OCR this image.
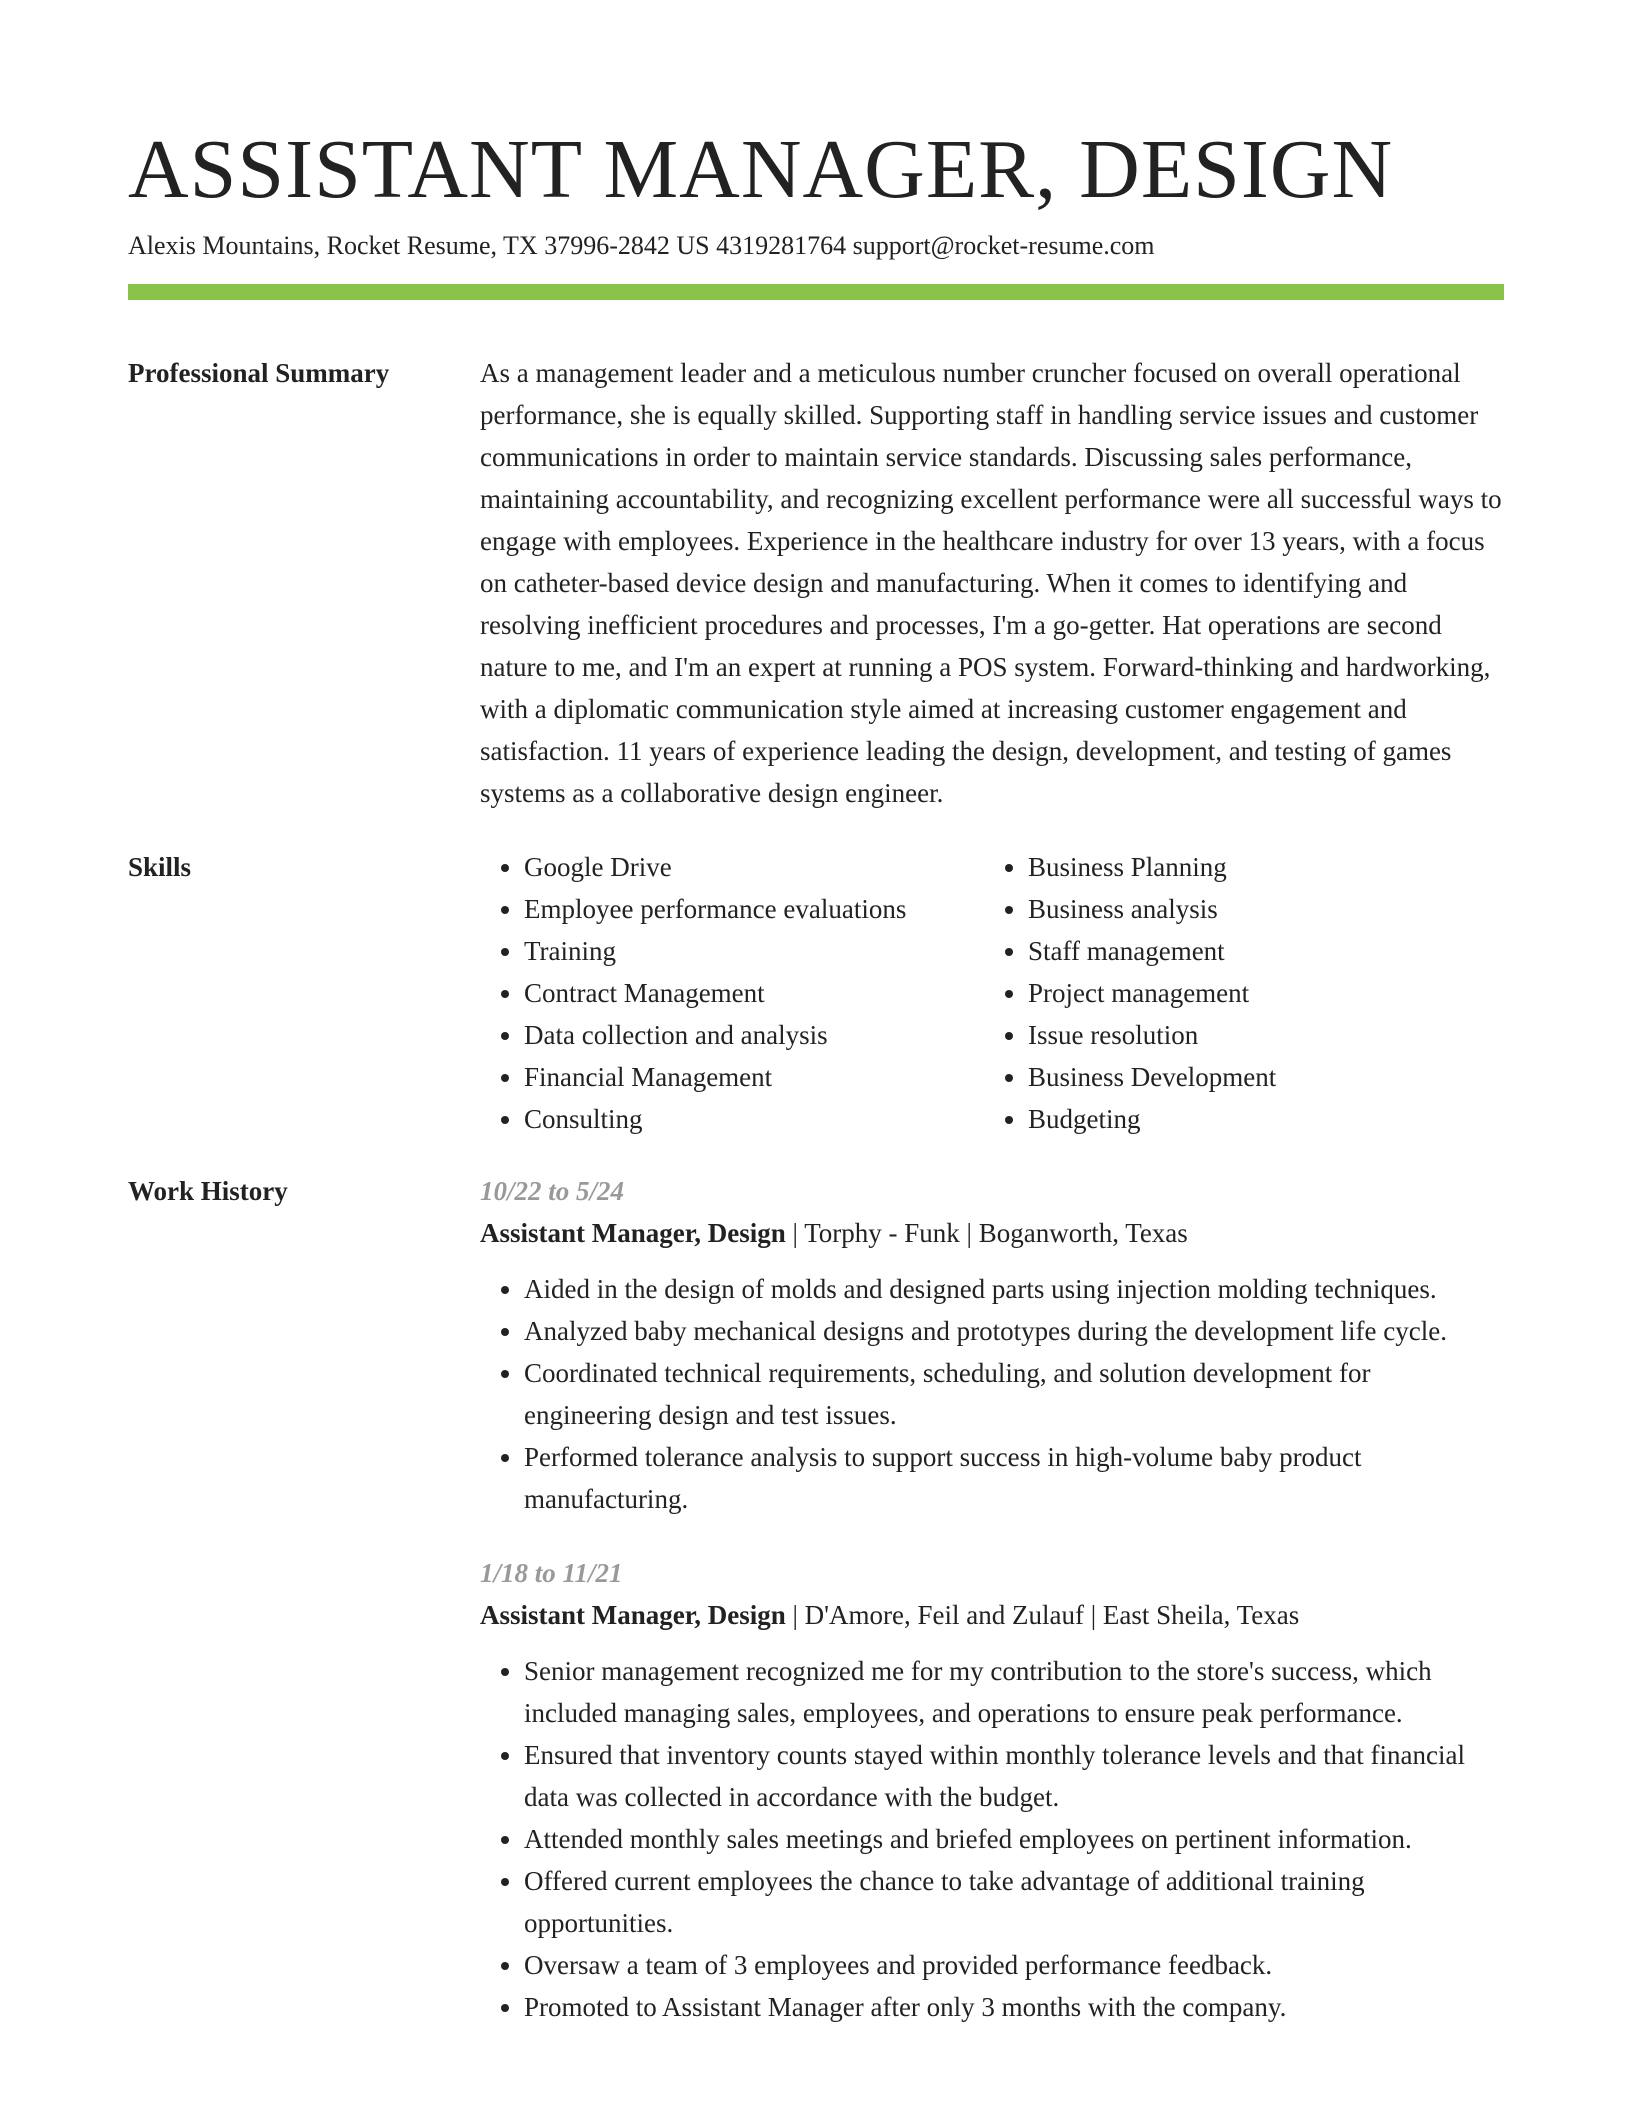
ASSISTANT MANAGER, DESIGN
Alexis Mountains, Rocket Resume, TX 37996-2842 US 4319281764 support@rocket-resume.com
Professional Summary	As a management leader and a meticulous number cruncher focused on overall operational performance, she is equally skilled. Supporting staff in handling service issues and customer communications in order to maintain service standards. Discussing sales performance, maintaining accountability, and recognizing excellent performance were all successful ways to engage with employees. Experience in the healthcare industry for over 13 years, with a focus on catheter-based device design and manufacturing. When it comes to identifying and resolving inefficient procedures and processes, I'm a go-getter. Hat operations are second nature to me, and I'm an expert at running a POS system. Forward-thinking and hardworking, with a diplomatic communication style aimed at increasing customer engagement and satisfaction. 11 years of experience leading the design, development, and testing of games systems as a collaborative design engineer.

Skills
•	Google Drive
• Employee performance evaluations
• Training
• Contract Management
• Data collection and analysis
• Financial Management
• Consulting
• Business Planning
• Business analysis
• Staff management
• Project management
• Issue resolution
• Business Development
• Budgeting
Work History	10/22 to 5/24
Assistant Manager, Design | Torphy - Funk | Boganworth, Texas
• Aided in the design of molds and designed parts using injection molding techniques.
• Analyzed baby mechanical designs and prototypes during the development life cycle.
• Coordinated technical requirements, scheduling, and solution development for engineering design and test issues.
• Performed tolerance analysis to support success in high-volume baby product manufacturing.
1/18 to 11/21
Assistant Manager, Design | D'Amore, Feil and Zulauf | East Sheila, Texas
• Senior management recognized me for my contribution to the store's success, which included managing sales, employees, and operations to ensure peak performance.
• Ensured that inventory counts stayed within monthly tolerance levels and that financial data was collected in accordance with the budget.
• Attended monthly sales meetings and briefed employees on pertinent information.
• Offered current employees the chance to take advantage of additional training opportunities.
• Oversaw a team of 3 employees and provided performance feedback.
• Promoted to Assistant Manager after only 3 months with the company.
